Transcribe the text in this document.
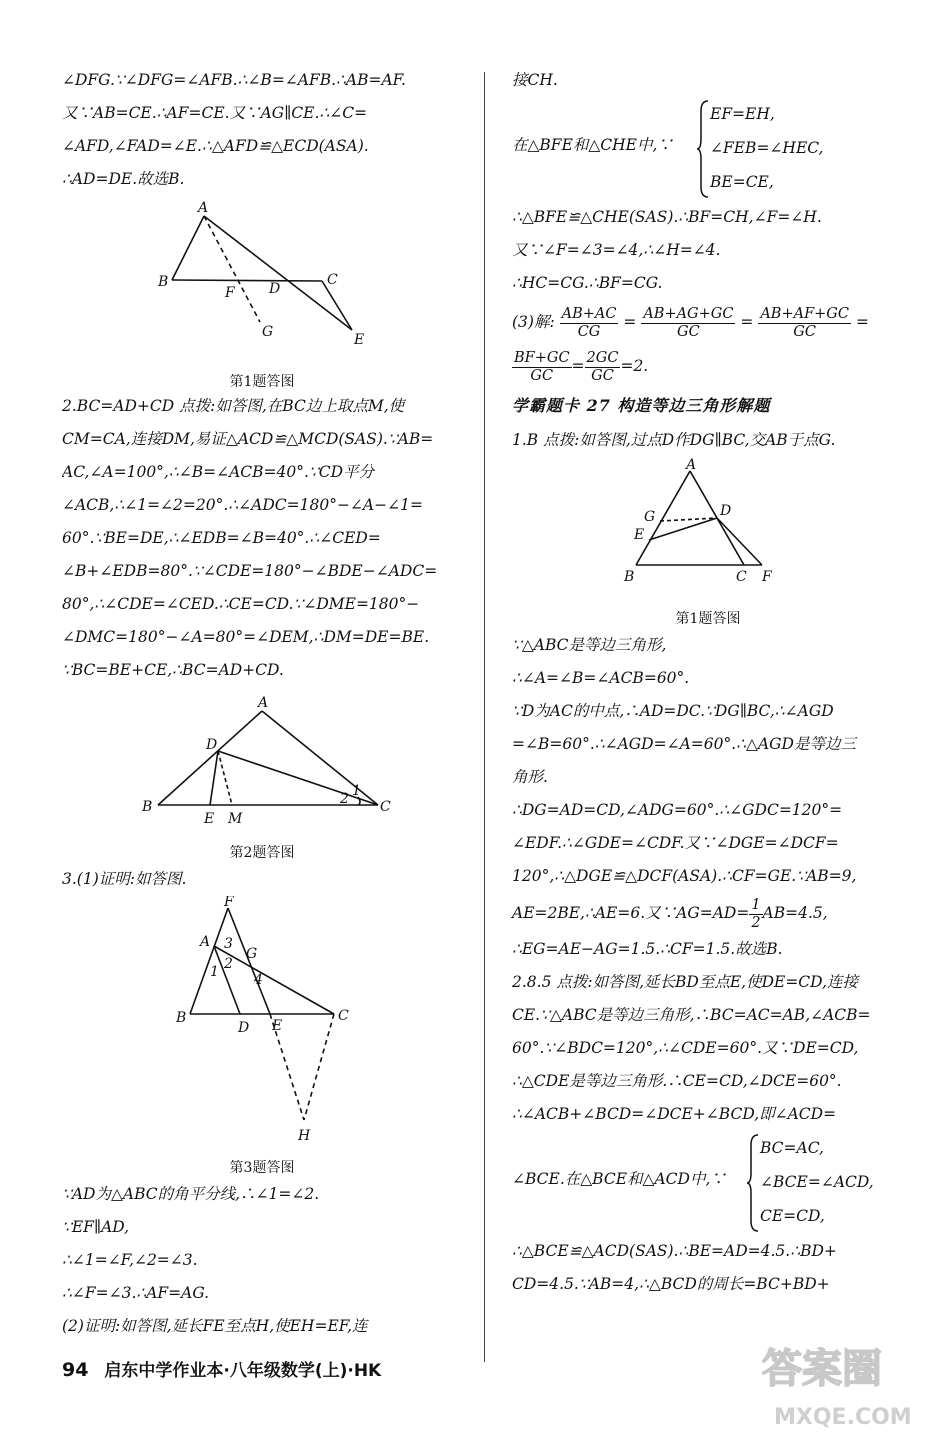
∠DFG.∵∠DFG=∠AFB.∴∠B=∠AFB.∴AB=AF.
又∵AB=CE.∴AF=CE.又∵AG∥CE.∴∠C=
∠AFD,∠FAD=∠E.∴△AFD≌△ECD(ASA).
∴AD=DE.故选B.
A
B
F D
C
G	E
第1题答图
2.BC=AD+CD 点拨:如答图,在BC边上取点M,使
CM=CA,连接DM,易证△ACD≌△MCD(SAS).∵AB=
AC,∠A=100°,∴∠B=∠ACB=40°.∵CD平分
∠ACB,∴∠1=∠2=20°.∴∠ADC=180°−∠A−∠1=
60°.∵BE=DE,∴∠EDB=∠B=40°.∴∠CED=
∠B+∠EDB=80°.∵∠CDE=180°−∠BDE−∠ADC=
80°,∴∠CDE=∠CED.∴CE=CD.∵∠DME=180°−
∠DMC=180°−∠A=80°=∠DEM,∴DM=DE=BE.
∵BC=BE+CE,∴BC=AD+CD.
A
D
1
2
B
E M
C
第2题答图
3.(1)证明:如答图.
F
A 3
G
1 2
4
B
D E
C
H
第3题答图
∵AD为△ABC的角平分线,∴∠1=∠2.
∵EF∥AD,
∴∠1=∠F,∠2=∠3.
∴∠F=∠3.∴AF=AG.
(2)证明:如答图,延长FE至点H,使EH=EF,连
接CH.
在△BFE和△CHE中,∵
EF=EH,
∠FEB=∠HEC,
BE=CE,
∴△BFE≌△CHE(SAS).∴BF=CH,∠F=∠H.
又∵∠F=∠3=∠4,∴∠H=∠4.
∴HC=CG.∴BF=CG.
(3)解: $\frac{AB+AC}{CG} = \frac{AB+AG+GC}{GC} = \frac{AB+AF+GC}{GC}$ =
$\frac{BF+GC}{GC} = \frac{2GC}{GC} =2$.
学霸题卡 27 构造等边三角形解题
1.B 点拨:如答图,过点D作DG∥BC,交AB于点G.
A
G	D
E
B	C F
第1题答图
∵△ABC是等边三角形,
∴∠A=∠B=∠ACB=60°.
∵D为AC的中点,∴AD=DC.∵DG∥BC,∴∠AGD
=∠B=60°.∴∠AGD=∠A=60°.∴△AGD是等边三
角形.
∴DG=AD=CD,∠ADG=60°.∴∠GDC=120°=
∠EDF.∴∠GDE=∠CDF.又∵∠DGE=∠DCF=
120°,∴△DGE≌△DCF(ASA).∴CF=GE.∵AB=9,
AE=2BE,∴AE=6.又∵AG=AD= $\frac{1}{2} AB=4.5$,
∴EG=AE−AG=1.5.∴CF=1.5.故选B.
2.8.5 点拨:如答图,延长BD至点E,使DE=CD,连接
CE.∵△ABC是等边三角形,∴BC=AC=AB,∠ACB=
60°.∵∠BDC=120°,∴∠CDE=60°.又∵DE=CD,
∴△CDE是等边三角形.∴CE=CD,∠DCE=60°.
∴∠ACB+∠BCD=∠DCE+∠BCD,即∠ACD=
∠BCE.在△BCE和△ACD中,∵
BC=AC,
∠BCE=∠ACD,
CE=CD,
∴△BCE≌△ACD(SAS).∴BE=AD=4.5.∴BD+
CD=4.5.∵AB=4,∴△BCD的周长=BC+BD+
94 启东中学作业本·八年级数学(上)·HK	答案圈
MXQE.COM
